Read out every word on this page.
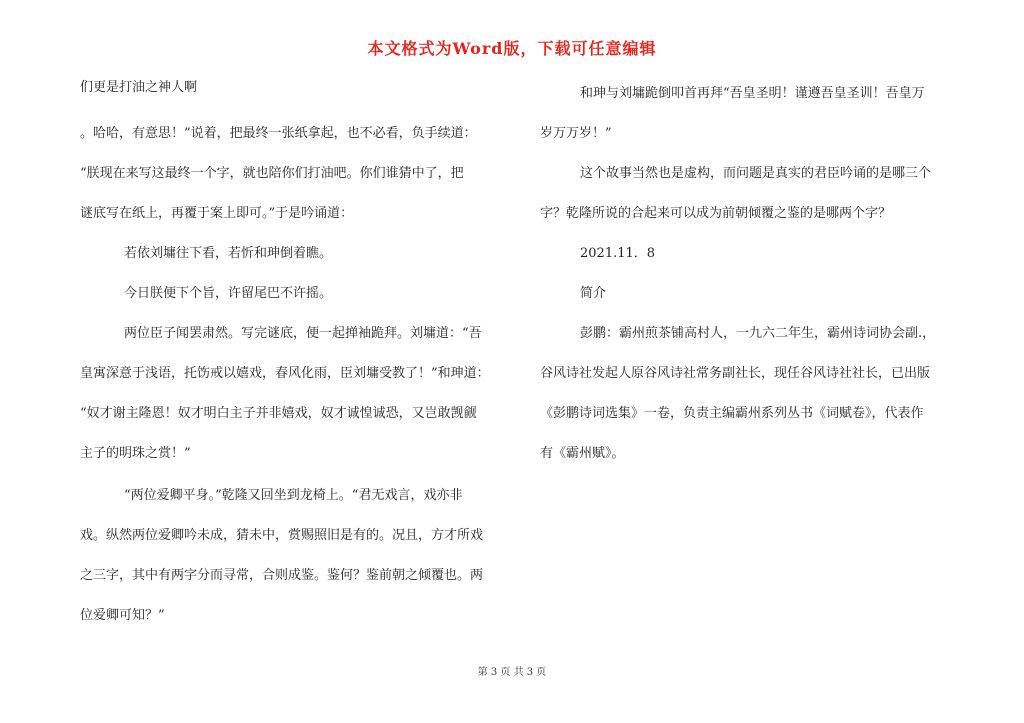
本文格式为Word版，下载可任意编辑
们更是打油之神人啊
。哈哈，有意思！”说着，把最终一张纸拿起，也不必看，负手续道：
“朕现在来写这最终一个字，就也陪你们打油吧。你们谁猜中了，把
谜底写在纸上，再覆于案上即可。”于是吟诵道：
若依刘墉往下看，若忻和珅倒着瞧。
今日朕便下个旨，许留尾巴不许摇。
两位臣子闻罢肃然。写完谜底，便一起掸袖跪拜。刘墉道：“吾
皇寓深意于浅语，托饬戒以嬉戏，春风化雨，臣刘墉受教了！”和珅道：
“奴才谢主隆恩！奴才明白主子并非嬉戏，奴才诚惶诚恐，又岂敢觊觎
主子的明珠之赏！”
“两位爱卿平身。”乾隆又回坐到龙椅上。“君无戏言，戏亦非
戏。纵然两位爱卿吟未成，猜未中，赏赐照旧是有的。况且，方才所戏
之三字，其中有两字分而寻常，合则成鉴。鉴何？鉴前朝之倾覆也。两
位爱卿可知？”
和珅与刘墉跪倒叩首再拜“吾皇圣明！谨遵吾皇圣训！吾皇万
岁万万岁！”
这个故事当然也是虚构，而问题是真实的君臣吟诵的是哪三个
字？乾隆所说的合起来可以成为前朝倾覆之鉴的是哪两个字？
2021.11．8
简介
彭鹏：霸州煎茶铺高村人，一九六二年生，霸州诗词协会副.，
谷风诗社发起人原谷风诗社常务副社长，现任谷风诗社社长，已出版
《彭鹏诗词选集》一卷，负责主编霸州系列丛书《词赋卷》，代表作
有《霸州赋》。
第 3 页 共 3 页
